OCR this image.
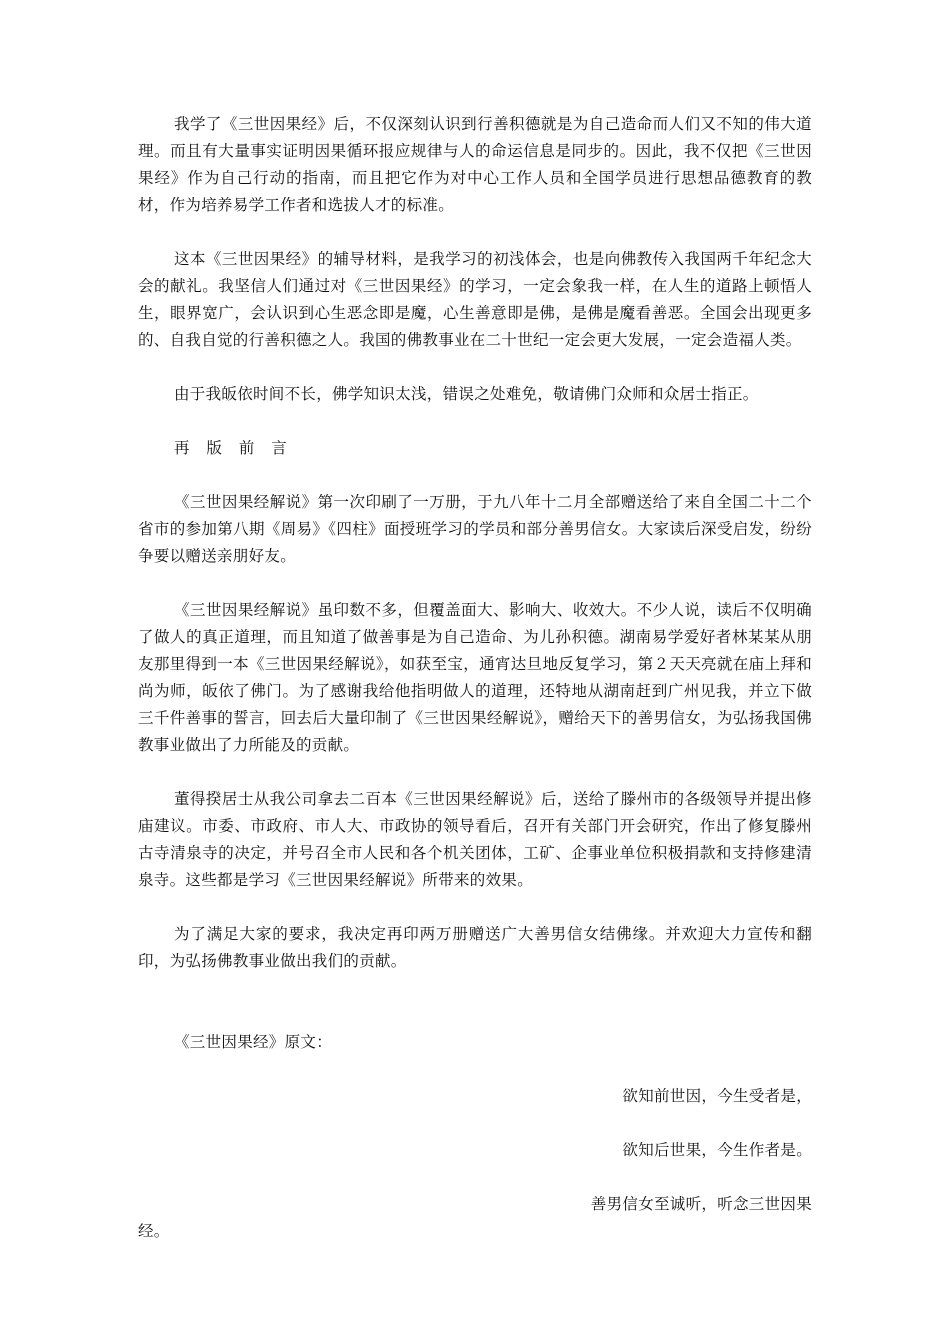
我学了《三世因果经》后，不仅深刻认识到行善积德就是为自己造命而人们又不知的伟大道理。而且有大量事实证明因果循环报应规律与人的命运信息是同步的。因此，我不仅把《三世因果经》作为自己行动的指南，而且把它作为对中心工作人员和全国学员进行思想品德教育的教材，作为培养易学工作者和选拔人才的标准。

这本《三世因果经》的辅导材料，是我学习的初浅体会，也是向佛教传入我国两千年纪念大会的献礼。我坚信人们通过对《三世因果经》的学习，一定会象我一样，在人生的道路上顿悟人生，眼界宽广，会认识到心生恶念即是魔，心生善意即是佛，是佛是魔看善恶。全国会出现更多的、自我自觉的行善积德之人。我国的佛教事业在二十世纪一定会更大发展，一定会造福人类。

由于我皈依时间不长，佛学知识太浅，错误之处难免，敬请佛门众师和众居士指正。

再 版 前 言

《三世因果经解说》第一次印刷了一万册，于九八年十二月全部赠送给了来自全国二十二个省市的参加第八期《周易》《四柱》面授班学习的学员和部分善男信女。大家读后深受启发，纷纷争要以赠送亲朋好友。

《三世因果经解说》虽印数不多，但覆盖面大、影响大、收效大。不少人说，读后不仅明确了做人的真正道理，而且知道了做善事是为自己造命、为儿孙积德。湖南易学爱好者林某某从朋友那里得到一本《三世因果经解说》，如获至宝，通宵达旦地反复学习，第２天天亮就在庙上拜和尚为师，皈依了佛门。为了感谢我给他指明做人的道理，还特地从湖南赶到广州见我，并立下做三千件善事的誓言，回去后大量印制了《三世因果经解说》，赠给天下的善男信女，为弘扬我国佛教事业做出了力所能及的贡献。

董得揆居士从我公司拿去二百本《三世因果经解说》后，送给了滕州市的各级领导并提出修庙建议。市委、市政府、市人大、市政协的领导看后，召开有关部门开会研究，作出了修复滕州古寺清泉寺的决定，并号召全市人民和各个机关团体，工矿、企事业单位积极捐款和支持修建清泉寺。这些都是学习《三世因果经解说》所带来的效果。

为了满足大家的要求，我决定再印两万册赠送广大善男信女结佛缘。并欢迎大力宣传和翻印，为弘扬佛教事业做出我们的贡献。

《三世因果经》原文：

欲知前世因，今生受者是，

欲知后世果，今生作者是。

善男信女至诚听，听念三世因果
经。
